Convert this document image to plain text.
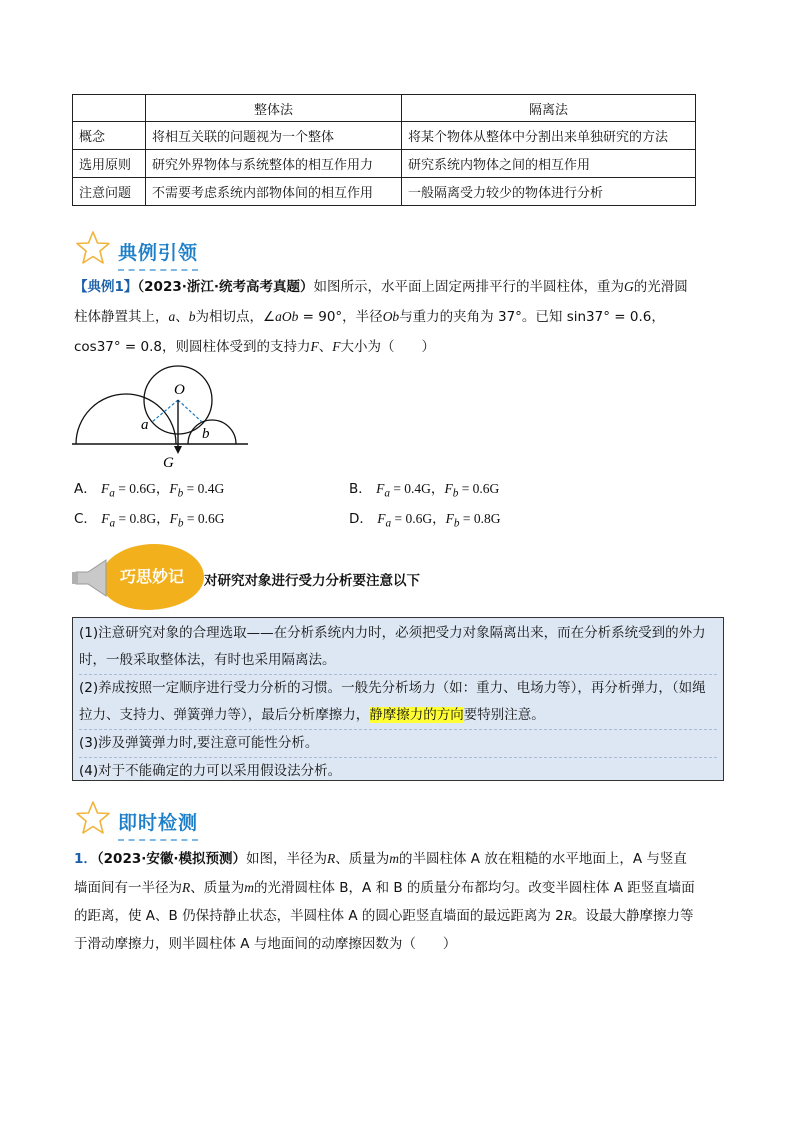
	整体法	隔离法
概念	将相互关联的问题视为一个整体	将某个物体从整体中分割出来单独研究的方法
选用原则	研究外界物体与系统整体的相互作用力	研究系统内物体之间的相互作用
注意问题	不需要考虑系统内部物体间的相互作用	一般隔离受力较少的物体进行分析
典例引领
【典例1】（2023·浙江·统考高考真题）如图所示，水平面上固定两排平行的半圆柱体，重为G的光滑圆
柱体静置其上，a、b为相切点，∠aOb = 90°，半径Ob与重力的夹角为 37°。已知 sin37° = 0.6，
cos37° = 0.8，则圆柱体受到的支持力F、F大小为（　　）
O
a
b
G
A． $F_a = 0.6G$，$F_b = 0.4G$	B． $F_a = 0.4G$，$F_b = 0.6G$
C． $F_a = 0.8G$，$F_b = 0.6G$	D． $F_a = 0.6G$，$F_b = 0.8G$
巧思妙记 对研究对象进行受力分析要注意以下
(1)注意研究对象的合理选取——在分析系统内力时，必须把受力对象隔离出来，而在分析系统受到的外力时，一般采取整体法，有时也采用隔离法。
(2)养成按照一定顺序进行受力分析的习惯。一般先分析场力（如：重力、电场力等），再分析弹力，（如绳拉力、支持力、弹簧弹力等），最后分析摩擦力，静摩擦力的方向要特别注意。
(3)涉及弹簧弹力时,要注意可能性分析。
(4)对于不能确定的力可以采用假设法分析。
即时检测
1．（2023·安徽·模拟预测）如图，半径为R、质量为m的半圆柱体 A 放在粗糙的水平地面上，A 与竖直墙面间有一半径为R、质量为m的光滑圆柱体 B，A 和 B 的质量分布都均匀。改变半圆柱体 A 距竖直墙面的距离，使 A、B 仍保持静止状态，半圆柱体 A 的圆心距竖直墙面的最远距离为 2R。设最大静摩擦力等于滑动摩擦力，则半圆柱体 A 与地面间的动摩擦因数为（　　）
